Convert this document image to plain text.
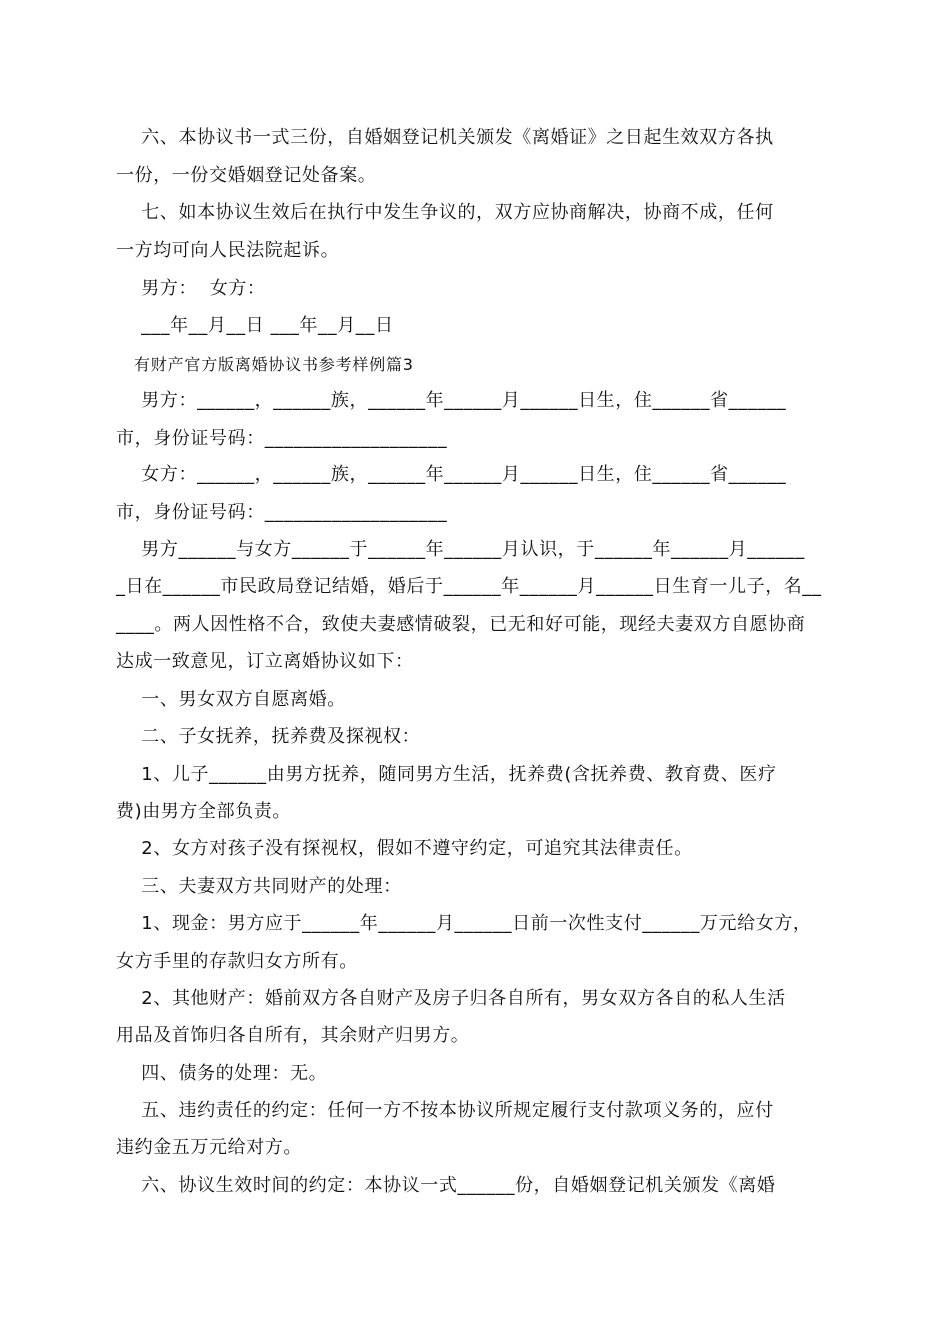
六、本协议书一式三份，自婚姻登记机关颁发《离婚证》之日起生效双方各执
一份，一份交婚姻登记处备案。
七、如本协议生效后在执行中发生争议的，双方应协商解决，协商不成，任何
一方均可向人民法院起诉。
男方：  女方：
___年__月__日 ___年__月__日
有财产官方版离婚协议书参考样例篇3
男方：______，______族，______年______月______日生，住______省______
市，身份证号码：___________________
女方：______，______族，______年______月______日生，住______省______
市，身份证号码：___________________
男方______与女方______于______年______月认识，于______年______月______
_日在______市民政局登记结婚，婚后于______年______月______日生育一儿子，名__
____。两人因性格不合，致使夫妻感情破裂，已无和好可能，现经夫妻双方自愿协商
达成一致意见，订立离婚协议如下：
一、男女双方自愿离婚。
二、子女抚养，抚养费及探视权：
1、儿子______由男方抚养，随同男方生活，抚养费(含抚养费、教育费、医疗
费)由男方全部负责。
2、女方对孩子没有探视权，假如不遵守约定，可追究其法律责任。
三、夫妻双方共同财产的处理：
1、现金：男方应于______年______月______日前一次性支付______万元给女方，
女方手里的存款归女方所有。
2、其他财产：婚前双方各自财产及房子归各自所有，男女双方各自的私人生活
用品及首饰归各自所有，其余财产归男方。
四、债务的处理：无。
五、违约责任的约定：任何一方不按本协议所规定履行支付款项义务的，应付
违约金五万元给对方。
六、协议生效时间的约定：本协议一式______份，自婚姻登记机关颁发《离婚
